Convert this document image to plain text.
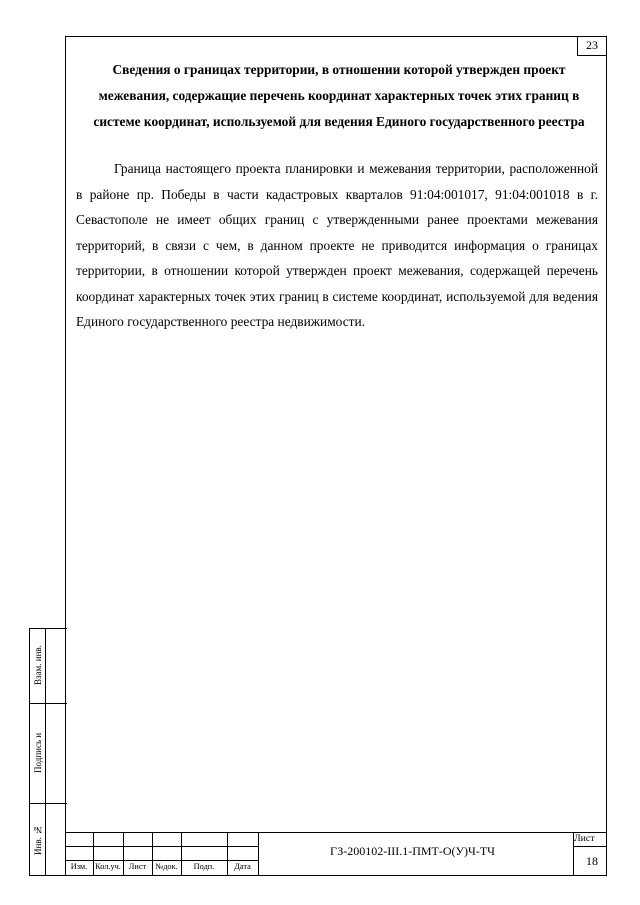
23
Сведения о границах территории, в отношении которой утвержден проект межевания, содержащие перечень координат характерных точек этих границ в системе координат, используемой для ведения Единого государственного реестра
Граница настоящего проекта планировки и межевания территории, расположенной в районе пр. Победы в части кадастровых кварталов 91:04:001017, 91:04:001018 в г. Севастополе не имеет общих границ с утвержденными ранее проектами межевания территорий, в связи с чем, в данном проекте не приводится информация о границах территории, в отношении которой утвержден проект межевания, содержащей перечень координат характерных точек этих границ в системе координат, используемой для ведения Единого государственного реестра недвижимости.
Взам. инв.
Подпись и
Инв. №
Изм. Кол.уч. Лист	№док.	Подп.	Дата
ГЗ-200102-III.1-ПМТ-О(У)Ч-ТЧ
Лист
18
